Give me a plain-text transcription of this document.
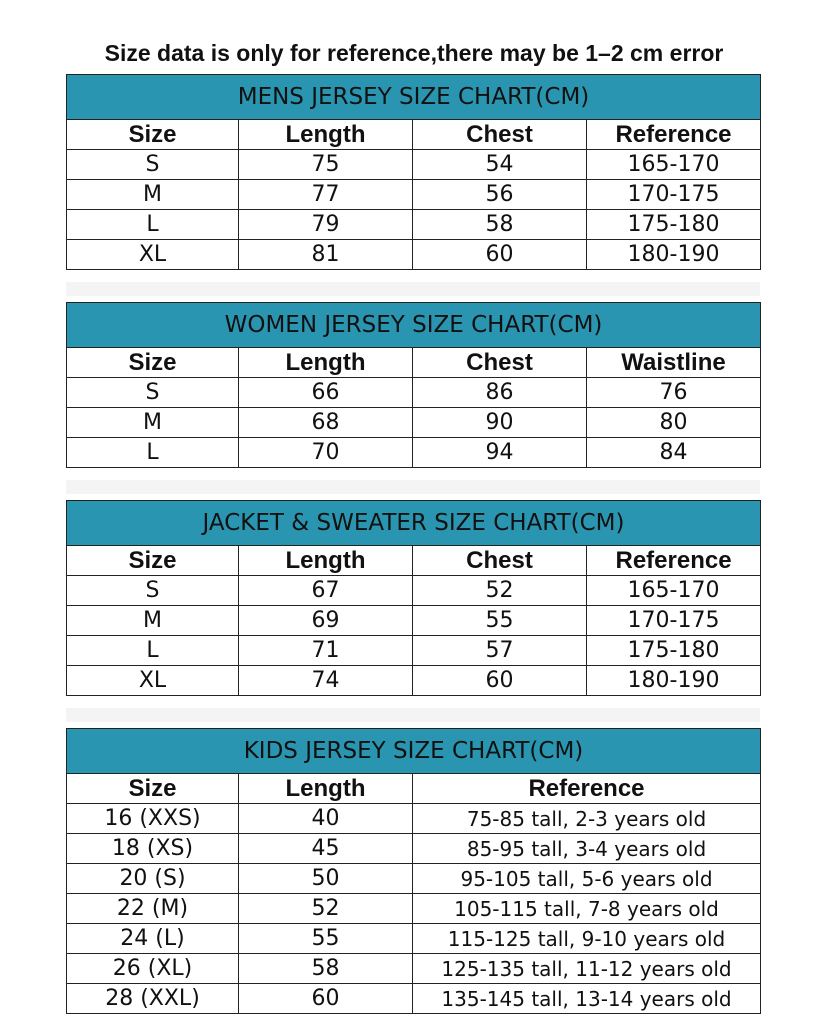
Size data is only for reference,there may be 1–2 cm error
MENS JERSEY SIZE CHART(CM)			
Size	Length	Chest	Reference
S	75	54	165-170
M	77	56	170-175
L	79	58	175-180
XL	81	60	180-190
WOMEN JERSEY SIZE CHART(CM)			
Size	Length	Chest	Waistline
S	66	86	76
M	68	90	80
L	70	94	84
JACKET & SWEATER SIZE CHART(CM)			
Size	Length	Chest	Reference
S	67	52	165-170
M	69	55	170-175
L	71	57	175-180
XL	74	60	180-190
KIDS JERSEY SIZE CHART(CM)		
Size	Length	Reference
16 (XXS)	40	75-85 tall, 2-3 years old
18 (XS)	45	85-95 tall, 3-4 years old
20 (S)	50	95-105 tall, 5-6 years old
22 (M)	52	105-115 tall, 7-8 years old
24 (L)	55	115-125 tall, 9-10 years old
26 (XL)	58	125-135 tall, 11-12 years old
28 (XXL)	60	135-145 tall, 13-14 years old
